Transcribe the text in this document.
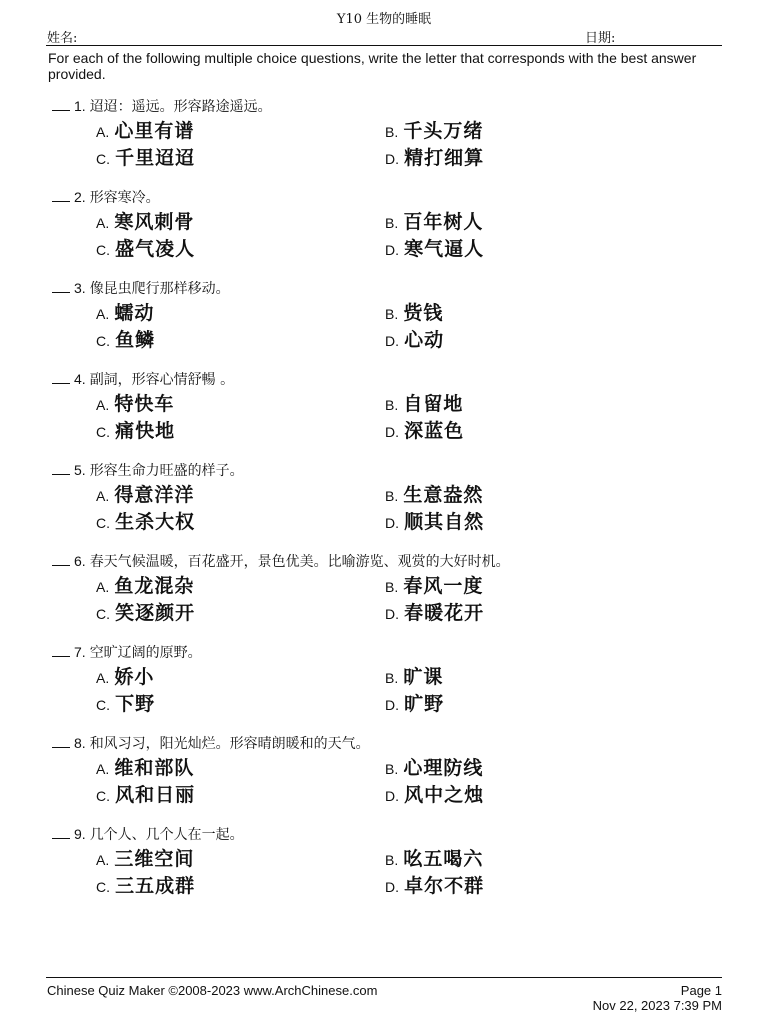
Y10 生物的睡眠
姓名:	日期:
For each of the following multiple choice questions, write the letter that corresponds with the best answer provided.
1. 迢迢：遥远。形容路途遥远。
A. 心里有谱	B. 千头万绪
C. 千里迢迢	D. 精打细算
2. 形容寒冷。
A. 寒风刺骨	B. 百年树人
C. 盛气凌人	D. 寒气逼人
3. 像昆虫爬行那样移动。
A. 蠕动	B. 赀钱
C. 鱼鳞	D. 心动
4. 副詞，形容心情舒暢 。
A. 特快车	B. 自留地
C. 痛快地	D. 深蓝色
5. 形容生命力旺盛的样子。
A. 得意洋洋	B. 生意盎然
C. 生杀大权	D. 顺其自然
6. 春天气候温暖，百花盛开，景色优美。比喻游览、观赏的大好时机。
A. 鱼龙混杂	B. 春风一度
C. 笑逐颜开	D. 春暖花开
7. 空旷辽阔的原野。
A. 娇小	B. 旷课
C. 下野	D. 旷野
8. 和风习习，阳光灿烂。形容晴朗暖和的天气。
A. 维和部队	B. 心理防线
C. 风和日丽	D. 风中之烛
9. 几个人、几个人在一起。
A. 三维空间	B. 吆五喝六
C. 三五成群	D. 卓尔不群
Chinese Quiz Maker ©2008-2023 www.ArchChinese.com	Page 1
Nov 22, 2023 7:39 PM
